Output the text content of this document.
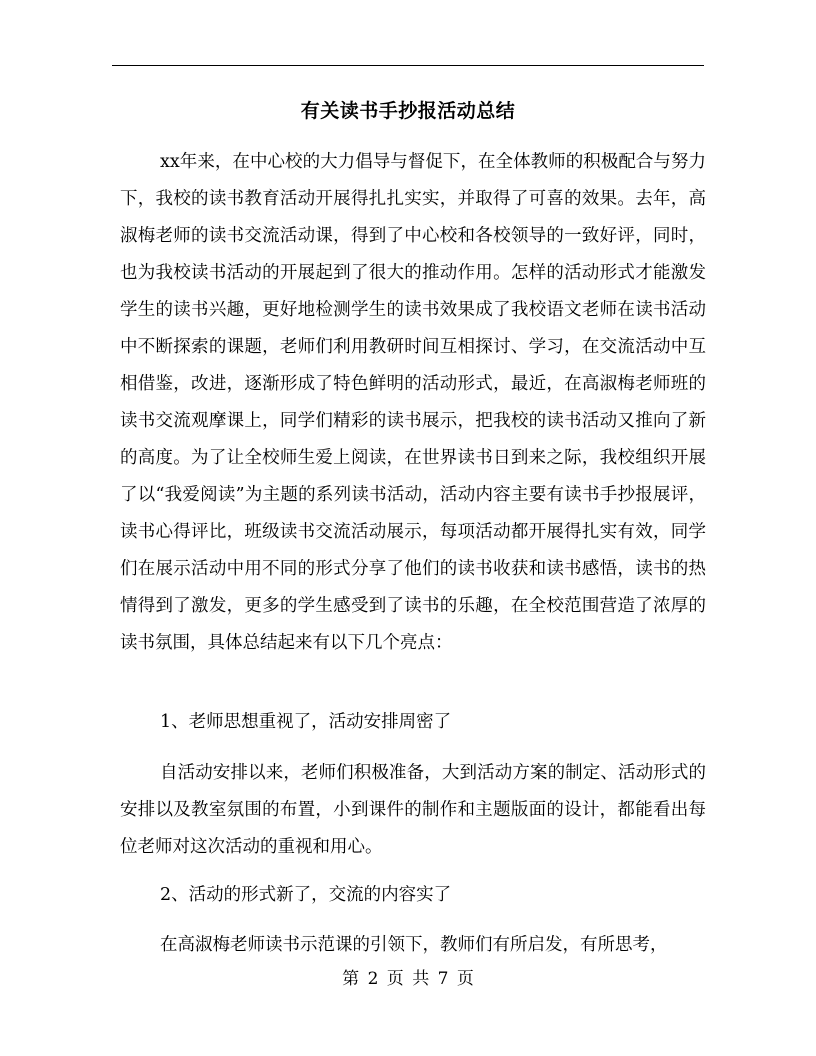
有关读书手抄报活动总结
xx年来，在中心校的大力倡导与督促下，在全体教师的积极配合与努力下，我校的读书教育活动开展得扎扎实实，并取得了可喜的效果。去年，高淑梅老师的读书交流活动课，得到了中心校和各校领导的一致好评，同时，也为我校读书活动的开展起到了很大的推动作用。怎样的活动形式才能激发学生的读书兴趣，更好地检测学生的读书效果成了我校语文老师在读书活动中不断探索的课题，老师们利用教研时间互相探讨、学习，在交流活动中互相借鉴，改进，逐渐形成了特色鲜明的活动形式，最近，在高淑梅老师班的读书交流观摩课上，同学们精彩的读书展示，把我校的读书活动又推向了新的高度。为了让全校师生爱上阅读，在世界读书日到来之际，我校组织开展了以“我爱阅读”为主题的系列读书活动，活动内容主要有读书手抄报展评，读书心得评比，班级读书交流活动展示，每项活动都开展得扎实有效，同学们在展示活动中用不同的形式分享了他们的读书收获和读书感悟，读书的热情得到了激发，更多的学生感受到了读书的乐趣，在全校范围营造了浓厚的读书氛围，具体总结起来有以下几个亮点：
1、老师思想重视了，活动安排周密了
自活动安排以来，老师们积极准备，大到活动方案的制定、活动形式的安排以及教室氛围的布置，小到课件的制作和主题版面的设计，都能看出每位老师对这次活动的重视和用心。
2、活动的形式新了，交流的内容实了
在高淑梅老师读书示范课的引领下，教师们有所启发，有所思考，
第 2 页 共 7 页
